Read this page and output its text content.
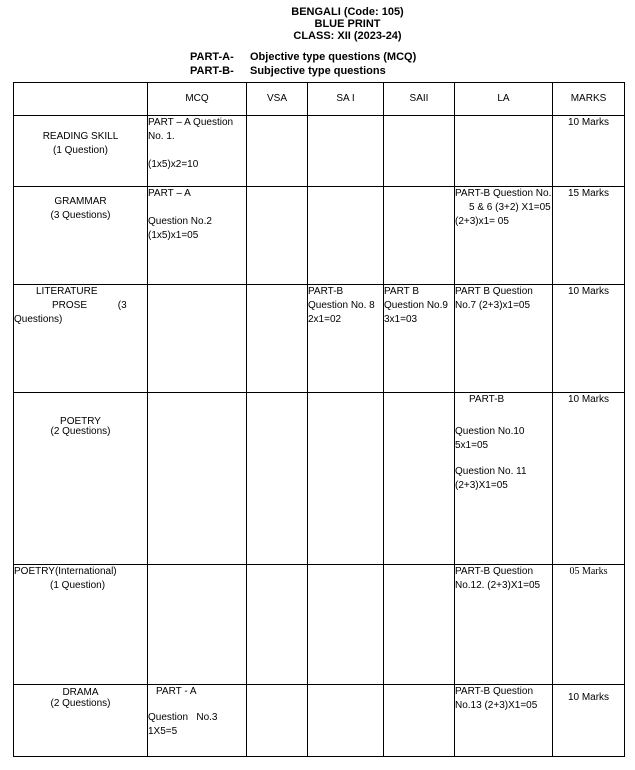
BENGALI (Code: 105)
BLUE PRINT
CLASS: XII (2023-24)
PART-A- Objective type questions (MCQ)
PART-B- Subjective type questions
	MCQ	VSA	SA I	SAII	LA	MARKS

READING SKILL
(1 Question)	PART – A Question No. 1.
(1x5)x2=10					10 Marks

GRAMMAR
(3 Questions)	PART – A
Question No.2 (1x5)x1=05				PART-B Question No. 5 & 6 (3+2) X1=05 (2+3)x1= 05	15 Marks
LITERATURE PROSE (3 Questions)			PART-B Question No. 8 2x1=02	PART B Question No.9 3x1=03	PART B Question No.7 (2+3)x1=05	10 Marks

POETRY
(2 Questions)					PART-B
Question No.10 5x1=05
Question No. 11 (2+3)X1=05	10 Marks
POETRY(International) (1 Question)					PART-B Question No.12. (2+3)X1=05	05 Marks

DRAMA
(2 Questions)	PART - A
Question   No.3 1X5=5				PART-B Question No.13 (2+3)X1=05	10 Marks
